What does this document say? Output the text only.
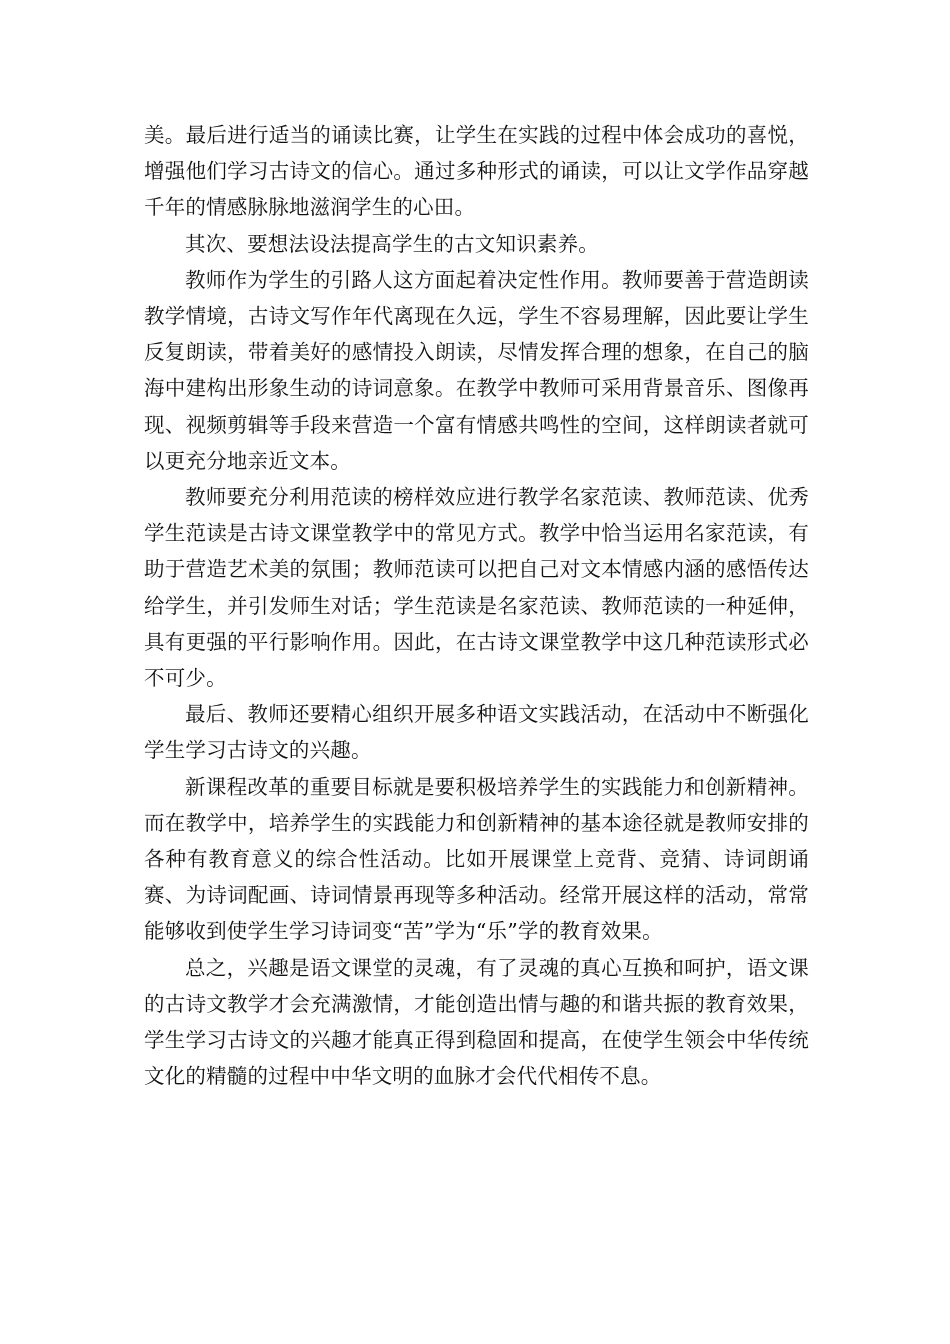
美。最后进行适当的诵读比赛，让学生在实践的过程中体会成功的喜悦，增强他们学习古诗文的信心。通过多种形式的诵读，可以让文学作品穿越千年的情感脉脉地滋润学生的心田。

其次、要想法设法提高学生的古文知识素养。

教师作为学生的引路人这方面起着决定性作用。教师要善于营造朗读教学情境，古诗文写作年代离现在久远，学生不容易理解，因此要让学生反复朗读，带着美好的感情投入朗读，尽情发挥合理的想象，在自己的脑海中建构出形象生动的诗词意象。在教学中教师可采用背景音乐、图像再现、视频剪辑等手段来营造一个富有情感共鸣性的空间，这样朗读者就可以更充分地亲近文本。

教师要充分利用范读的榜样效应进行教学名家范读、教师范读、优秀学生范读是古诗文课堂教学中的常见方式。教学中恰当运用名家范读，有助于营造艺术美的氛围；教师范读可以把自己对文本情感内涵的感悟传达给学生，并引发师生对话；学生范读是名家范读、教师范读的一种延伸，具有更强的平行影响作用。因此，在古诗文课堂教学中这几种范读形式必不可少。

最后、教师还要精心组织开展多种语文实践活动，在活动中不断强化学生学习古诗文的兴趣。

新课程改革的重要目标就是要积极培养学生的实践能力和创新精神。而在教学中，培养学生的实践能力和创新精神的基本途径就是教师安排的各种有教育意义的综合性活动。比如开展课堂上竞背、竞猜、诗词朗诵赛、为诗词配画、诗词情景再现等多种活动。经常开展这样的活动，常常能够收到使学生学习诗词变“苦”学为“乐”学的教育效果。

总之，兴趣是语文课堂的灵魂，有了灵魂的真心互换和呵护，语文课的古诗文教学才会充满激情，才能创造出情与趣的和谐共振的教育效果，学生学习古诗文的兴趣才能真正得到稳固和提高，在使学生领会中华传统文化的精髓的过程中中华文明的血脉才会代代相传不息。
